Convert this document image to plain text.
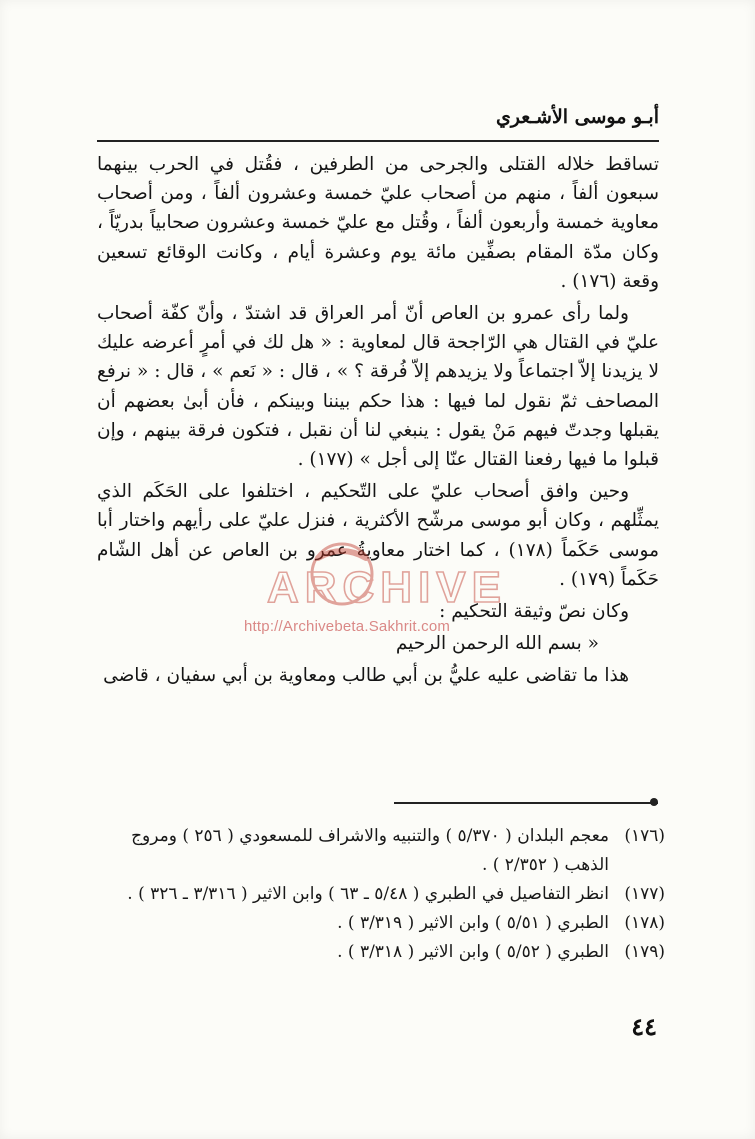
أبـو موسى الأشـعري

تساقط خلاله القتلى والجرحى من الطرفين ، فقُتل في الحرب بينهما سبعون ألفاً ، منهم من أصحاب عليّ خمسة وعشرون ألفاً ، ومن أصحاب معاوية خمسة وأربعون ألفاً ، وقُتل مع عليّ خمسة وعشرون صحابياً بدريّاً ، وكان مدّة المقام بصفِّين مائة يوم وعشرة أيام ، وكانت الوقائع تسعين وقعة (١٧٦) .

ولما رأى عمرو بن العاص أنّ أمر العراق قد اشتدّ ، وأنّ كفّة أصحاب عليّ في القتال هي الرّاجحة قال لمعاوية : « هل لك في أمرٍ أعرضه عليك لا يزيدنا إلاّ اجتماعاً ولا يزيدهم إلاّ فُرقة ؟ » ، قال : « نَعم » ، قال : « نرفع المصاحف ثمّ نقول لما فيها : هذا حكم بيننا وبينكم ، فأن أبىٰ بعضهم أن يقبلها وجدتّ فيهم مَنْ يقول : ينبغي لنا أن نقبل ، فتكون فرقة بينهم ، وإن قبلوا ما فيها رفعنا القتال عنّا إلى أجل » (١٧٧) .

وحين وافق أصحاب عليّ على التّحكيم ، اختلفوا على الحَكَم الذي يمثِّلهم ، وكان أبو موسى مرشّح الأكثرية ، فنزل عليّ على رأيهم واختار أبا موسى حَكَماً (١٧٨) ، كما اختار معاويةُ عمرو بن العاص عن أهل الشّام حَكَماً (١٧٩) .

وكان نصّ وثيقة التحكيم :

« بسم الله الرحمن الرحيم

هذا ما تقاضى عليه عليُّ بن أبي طالب ومعاوية بن أبي سفيان ، قاضى

(١٧٦)
معجم البلدان ( ٥/٣٧٠ ) والتنبيه والاشراف للمسعودي ( ٢٥٦ ) ومروج الذهب ( ٢/٣٥٢ ) .
(١٧٧)
انظر التفاصيل في الطبري ( ٥/٤٨ ـ ٦٣ ) وابن الاثير ( ٣/٣١٦ ـ ٣٢٦ ) .
(١٧٨)
الطبري ( ٥/٥١ ) وابن الاثير ( ٣/٣١٩ ) .
(١٧٩)
الطبري ( ٥/٥٢ ) وابن الاثير ( ٣/٣١٨ ) .
٤٤
ARCHIVE
http://Archivebeta.Sakhrit.com
